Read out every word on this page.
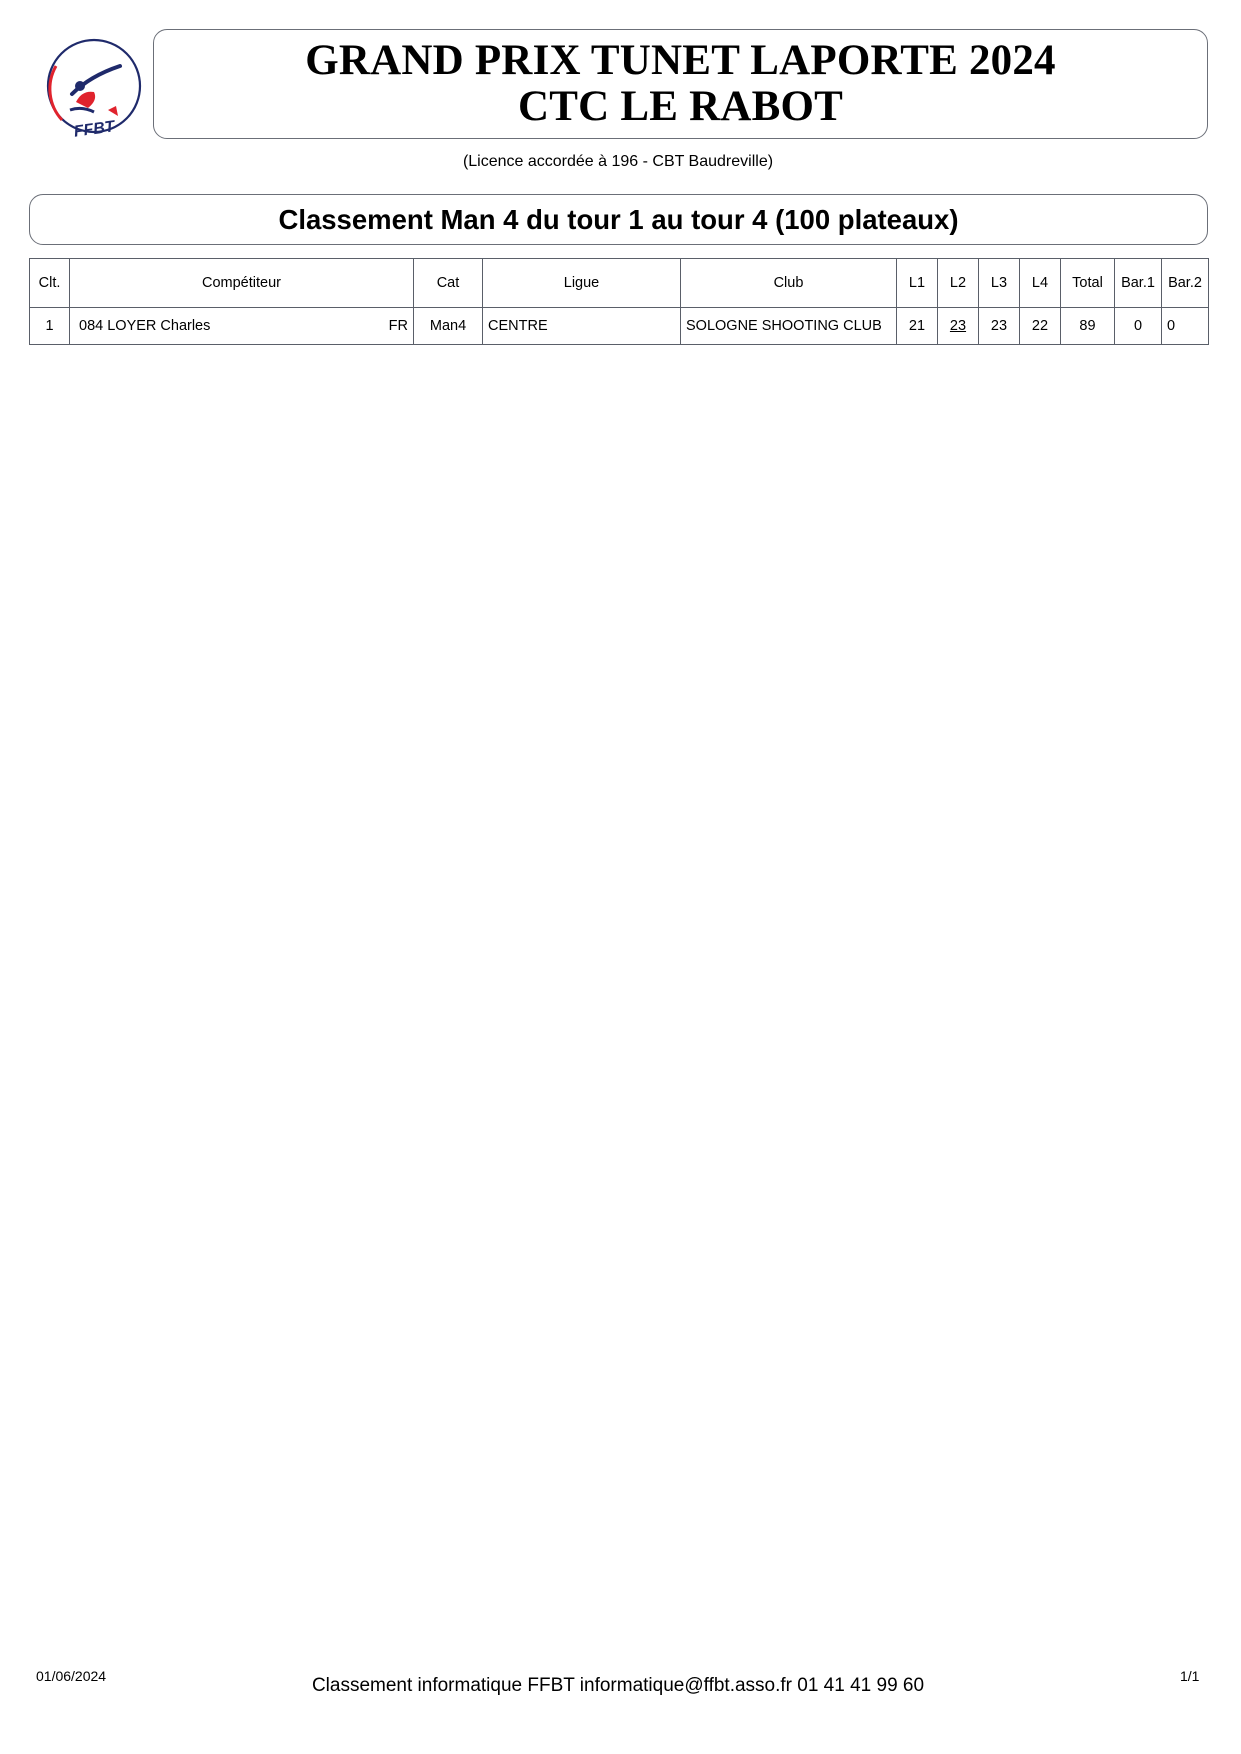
FFBT
GRAND PRIX TUNET LAPORTE 2024
CTC LE RABOT
(Licence accordée à 196 - CBT Baudreville)
Classement Man 4 du tour 1 au tour 4 (100 plateaux)
Clt.	Compétiteur	Cat	Ligue	Club	L1	L2	L3	L4	Total	Bar.1	Bar.2
1	084 LOYER Charles FR	Man4	CENTRE	SOLOGNE SHOOTING CLUB	21	23	23	22	89	0	0
01/06/2024	Classement informatique FFBT informatique@ffbt.asso.fr 01 41 41 99 60	1/1
